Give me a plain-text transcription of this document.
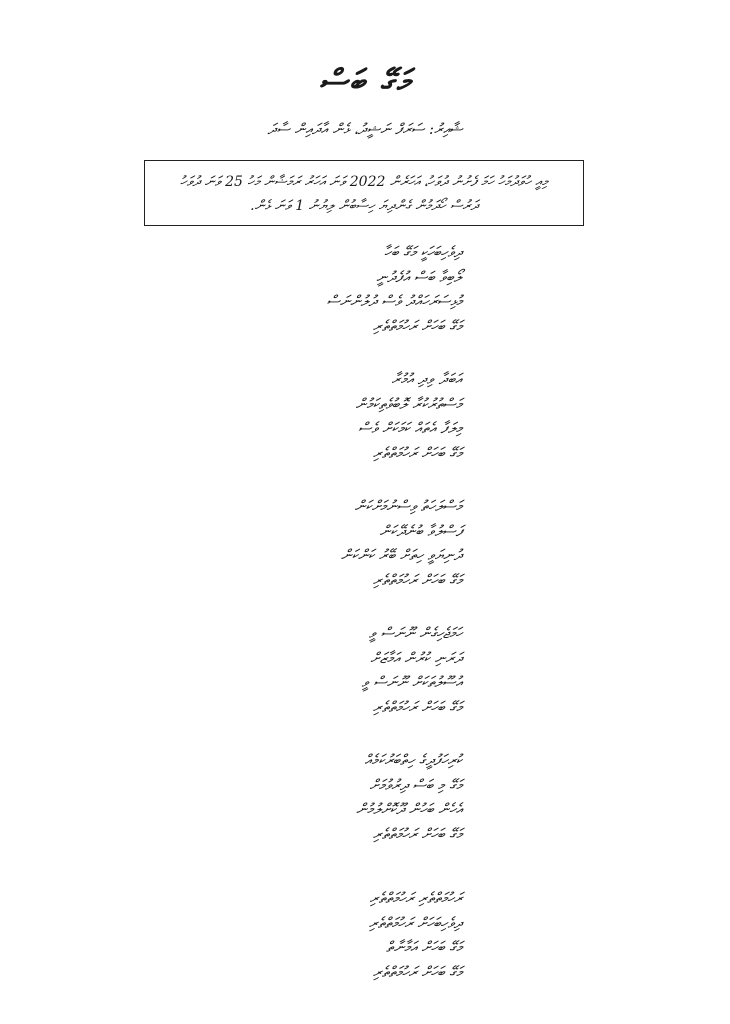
މަގޭ ބަސް
ޝާއިރު: ސަރަފް ނަޝީދު، ޅެން އާދައިން ސާދަ
މިއީ ހުވަދުމަހު ހަމަ ފެށުނު ދުވަހު، އަހަރެން 2022 ވަނަ އަހަރު ރަމަޟާން މަހު 25 ވަނަ ދުވަހު
ދަރުސް ހޯދަމުން ގެންދިޔަ ހިސާބުން ލިޔުނު 1 ވަނަ ޅެން.
ދިވެހިބަހަކީ މަގޭ ބަހާ
ލޯބިވާ ބަސް އުފެދުނީ
މުޅިސަރަހައްދު ވެސް ދުލުންނަސް
މަގޭ ބަހަށް ރަހުމަތްތެރި
އަބަދާ ވިދި އުމުރާ
މަސްތުރުކުރާ ލޮބުވެތިކަމުން
މިލަފާ އެތައް ކަމަކަށް ވެސް
މަގޭ ބަހަށް ރަހުމަތްތެރި
މަސްލަހަތު ވިސްނުމަށްކަން
ފަސްލުވާ ބުނެދޭކަން
ދުނިޔަވީ ހިތަށް ބޭރު ކަންކަން
މަގޭ ބަހަށް ރަހުމަތްތެރި
ހަމަޖެހިގެން ނޫނަސް ވީ
ދަރަނި ކުރުން އަމާޒަށް
އުސޫލުތަކަށް ނޫނަސް ވީ
މަގޭ ބަހަށް ރަހުމަތްތެރި
ކުރިހަފުދީގެ ހިތްބަރުކަމެއް
މަގޭ މި ބަސް ދިރުވުމަށް
އެހެން ބަހުން ދޫކޮށްލުމުން
މަގޭ ބަހަށް ރަހުމަތްތެރި
ރަހުމަތްތެރި ރަހުމަތްތެރި
ދިވެހިބަހަށް ރަހުމަތްތެރި
މަގޭ ބަހަށް އަމާނާތް
މަގޭ ބަހަށް ރަހުމަތްތެރި
